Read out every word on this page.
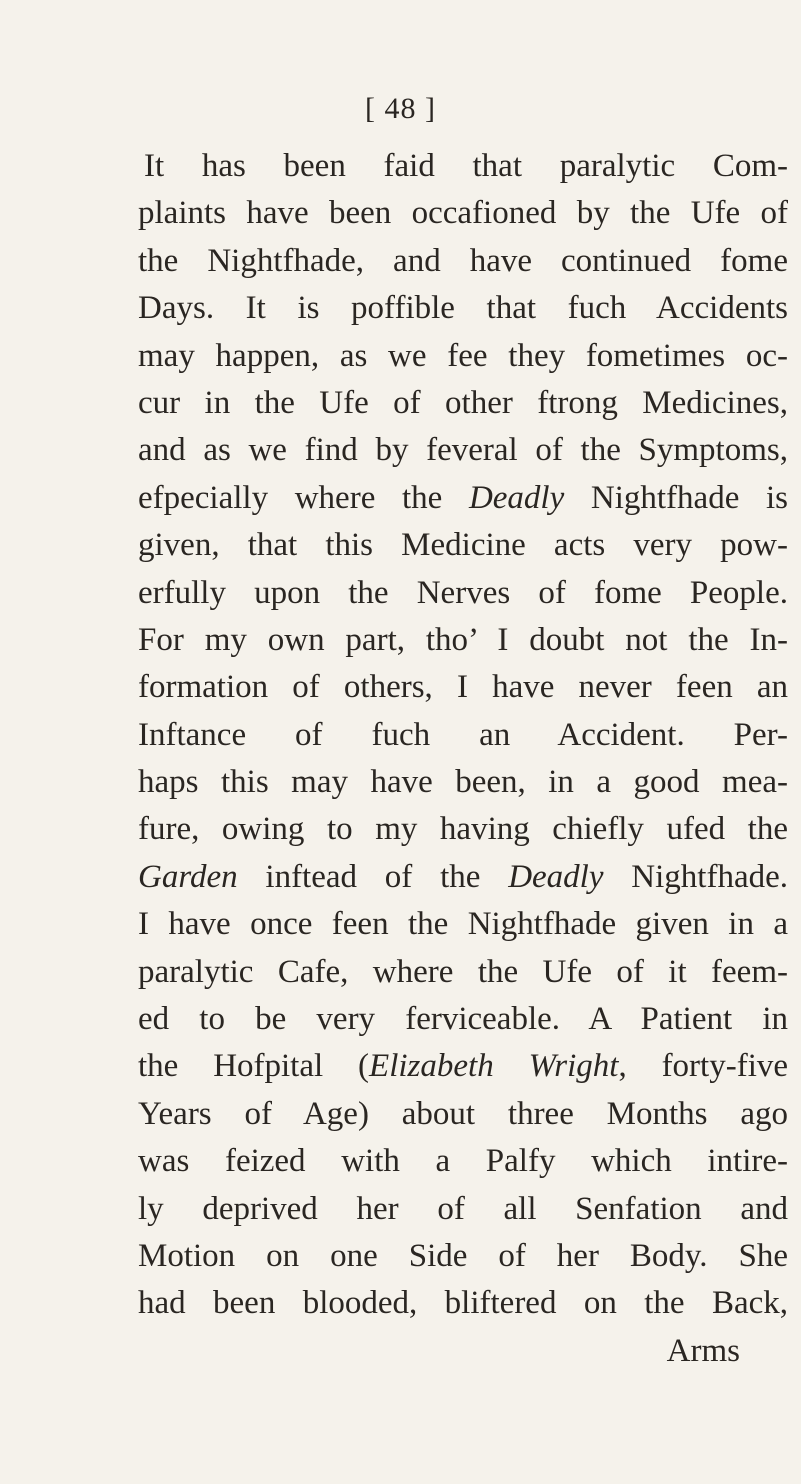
[ 48 ]
It has been faid that paralytic Com-
plaints have been occafioned by the Ufe of
the Nightfhade, and have continued fome
Days. It is poffible that fuch Accidents
may happen, as we fee they fometimes oc-
cur in the Ufe of other ftrong Medicines,
and as we find by feveral of the Symptoms,
efpecially where the Deadly Nightfhade is
given, that this Medicine acts very pow-
erfully upon the Nerves of fome People.
For my own part, tho’ I doubt not the In-
formation of others, I have never feen an
Inftance of fuch an Accident. Per-
haps this may have been, in a good mea-
fure, owing to my having chiefly ufed the
Garden inftead of the Deadly Nightfhade.
I have once feen the Nightfhade given in a
paralytic Cafe, where the Ufe of it feem-
ed to be very ferviceable. A Patient in
the Hofpital (Elizabeth Wright, forty-five
Years of Age) about three Months ago
was feized with a Palfy which intire-
ly deprived her of all Senfation and
Motion on one Side of her Body. She
had been blooded, bliftered on the Back,
Arms
